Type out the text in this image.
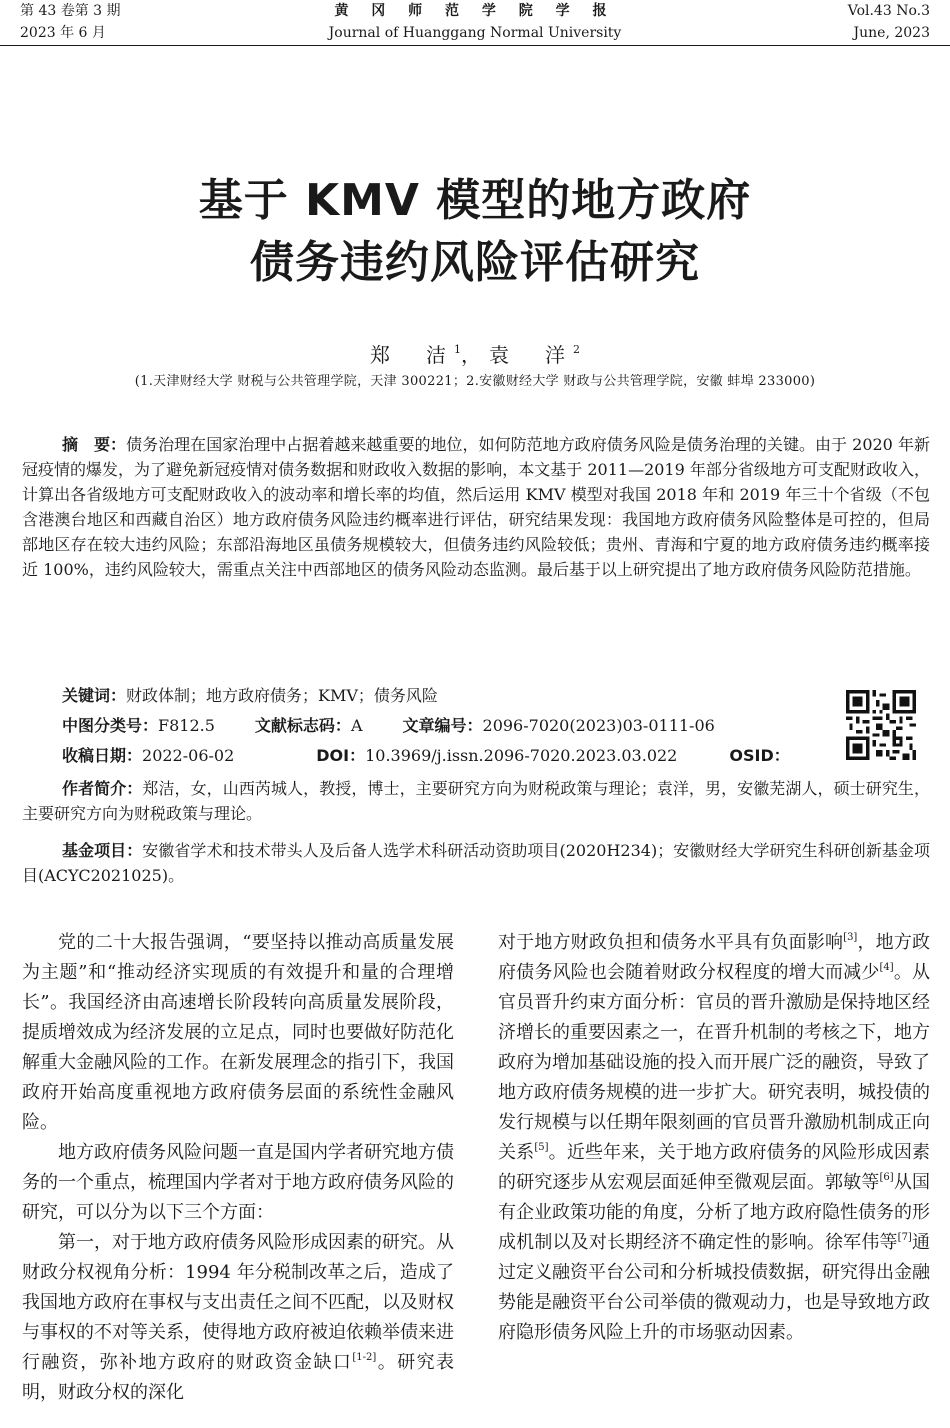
第 43 卷第 3 期
2023 年 6 月
黄 冈 师 范 学 院 学 报
Journal of Huanggang Normal University
Vol.43 No.3
June, 2023
基于 KMV 模型的地方政府
债务违约风险评估研究
郑　洁$^1$，袁　洋$^2$
(1.天津财经大学 财税与公共管理学院，天津 300221；2.安徽财经大学 财政与公共管理学院，安徽 蚌埠 233000)
摘　要：债务治理在国家治理中占据着越来越重要的地位，如何防范地方政府债务风险是债务治理的关键。由于 2020 年新冠疫情的爆发，为了避免新冠疫情对债务数据和财政收入数据的影响，本文基于 2011—2019 年部分省级地方可支配财政收入，计算出各省级地方可支配财政收入的波动率和增长率的均值，然后运用 KMV 模型对我国 2018 年和 2019 年三十个省级（不包含港澳台地区和西藏自治区）地方政府债务风险违约概率进行评估，研究结果发现：我国地方政府债务风险整体是可控的，但局部地区存在较大违约风险；东部沿海地区虽债务规模较大，但债务违约风险较低；贵州、青海和宁夏的地方政府债务违约概率接近 100%，违约风险较大，需重点关注中西部地区的债务风险动态监测。最后基于以上研究提出了地方政府债务风险防范措施。
关键词：财政体制；地方政府债务；KMV；债务风险
中图分类号：F812.5	文献标志码：A	文章编号：2096-7020(2023)03-0111-06
收稿日期：2022-06-02	DOI：10.3969/j.issn.2096-7020.2023.03.022	OSID：
作者简介：郑洁，女，山西芮城人，教授，博士，主要研究方向为财税政策与理论；袁洋，男，安徽芜湖人，硕士研究生，主要研究方向为财税政策与理论。
基金项目：安徽省学术和技术带头人及后备人选学术科研活动资助项目(2020H234)；安徽财经大学研究生科研创新基金项目(ACYC2021025)。

党的二十大报告强调，“要坚持以推动高质量发展为主题”和“推动经济实现质的有效提升和量的合理增长”。我国经济由高速增长阶段转向高质量发展阶段，提质增效成为经济发展的立足点，同时也要做好防范化解重大金融风险的工作。在新发展理念的指引下，我国政府开始高度重视地方政府债务层面的系统性金融风险。

地方政府债务风险问题一直是国内学者研究地方债务的一个重点，梳理国内学者对于地方政府债务风险的研究，可以分为以下三个方面：

第一，对于地方政府债务风险形成因素的研究。从财政分权视角分析：1994 年分税制改革之后，造成了我国地方政府在事权与支出责任之间不匹配，以及财权与事权的不对等关系，使得地方政府被迫依赖举债来进行融资，弥补地方政府的财政资金缺口[1-2]。研究表明，财政分权的深化

对于地方财政负担和债务水平具有负面影响[3]，地方政府债务风险也会随着财政分权程度的增大而减少[4]。从官员晋升约束方面分析：官员的晋升激励是保持地区经济增长的重要因素之一，在晋升机制的考核之下，地方政府为增加基础设施的投入而开展广泛的融资，导致了地方政府债务规模的进一步扩大。研究表明，城投债的发行规模与以任期年限刻画的官员晋升激励机制成正向关系[5]。近些年来，关于地方政府债务的风险形成因素的研究逐步从宏观层面延伸至微观层面。郭敏等[6]从国有企业政策功能的角度，分析了地方政府隐性债务的形成机制以及对长期经济不确定性的影响。徐军伟等[7]通过定义融资平台公司和分析城投债数据，研究得出金融势能是融资平台公司举债的微观动力，也是导致地方政府隐形债务风险上升的市场驱动因素。
